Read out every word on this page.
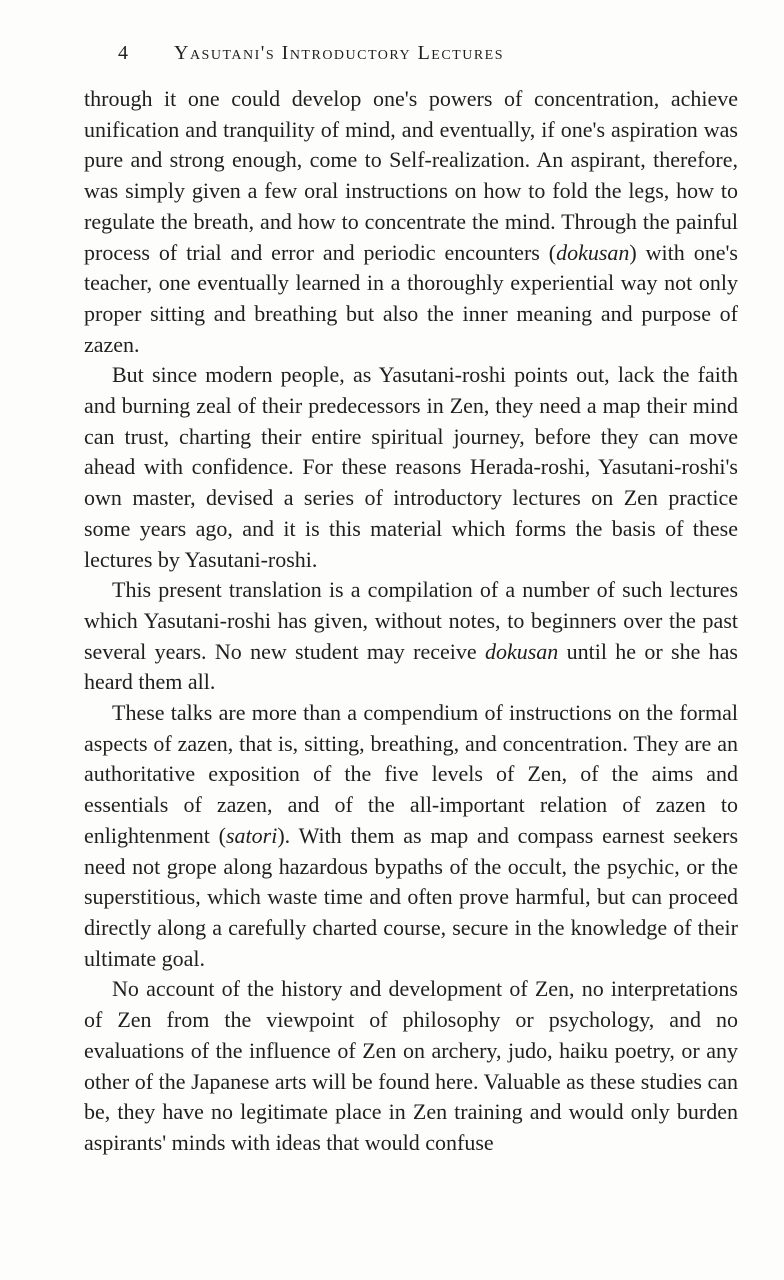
4	Yasutani's Introductory Lectures

through it one could develop one's powers of concentration, achieve unification and tranquility of mind, and eventually, if one's aspiration was pure and strong enough, come to Self-realization. An aspirant, therefore, was simply given a few oral instructions on how to fold the legs, how to regulate the breath, and how to concentrate the mind. Through the painful process of trial and error and periodic encounters (dokusan) with one's teacher, one eventually learned in a thoroughly experiential way not only proper sitting and breathing but also the inner meaning and purpose of zazen.

But since modern people, as Yasutani-roshi points out, lack the faith and burning zeal of their predecessors in Zen, they need a map their mind can trust, charting their entire spiritual journey, before they can move ahead with confidence. For these reasons Herada-roshi, Yasutani-roshi's own master, devised a series of introductory lectures on Zen practice some years ago, and it is this material which forms the basis of these lectures by Yasutani-roshi.

This present translation is a compilation of a number of such lectures which Yasutani-roshi has given, without notes, to beginners over the past several years. No new student may receive dokusan until he or she has heard them all.

These talks are more than a compendium of instructions on the formal aspects of zazen, that is, sitting, breathing, and concentration. They are an authoritative exposition of the five levels of Zen, of the aims and essentials of zazen, and of the all-important relation of zazen to enlightenment (satori). With them as map and compass earnest seekers need not grope along hazardous bypaths of the occult, the psychic, or the superstitious, which waste time and often prove harmful, but can proceed directly along a carefully charted course, secure in the knowledge of their ultimate goal.

No account of the history and development of Zen, no interpretations of Zen from the viewpoint of philosophy or psychology, and no evaluations of the influence of Zen on archery, judo, haiku poetry, or any other of the Japanese arts will be found here. Valuable as these studies can be, they have no legitimate place in Zen training and would only burden aspirants' minds with ideas that would confuse
